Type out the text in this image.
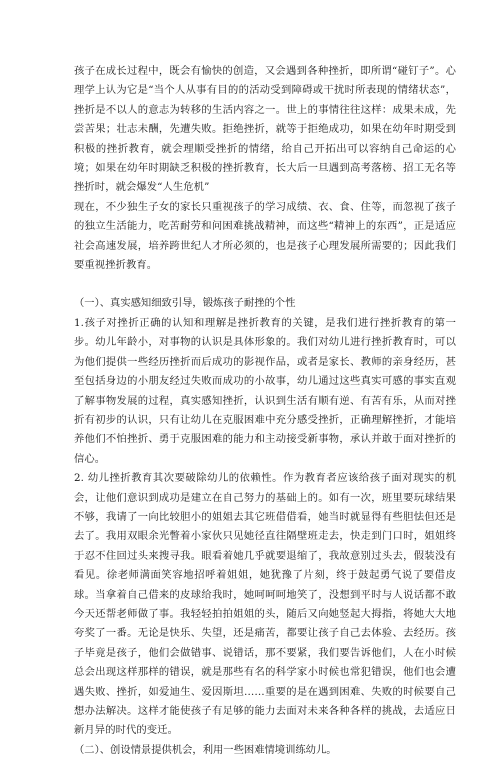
孩子在成长过程中，既会有愉快的创造，又会遇到各种挫折，即所谓“碰钉子”。心理学上认为它是“当个人从事有目的的活动受到障碍或干扰时所表现的情绪状态”，挫折是不以人的意志为转移的生活内容之一。世上的事情往往这样：成果未成，先尝苦果；壮志未酬，先遭失败。拒绝挫折，就等于拒绝成功，如果在幼年时期受到积极的挫折教育，就会理顺受挫折的情绪，给自己开拓出可以容纳自己命运的心境；如果在幼年时期缺乏积极的挫折教育，长大后一旦遇到高考落榜、招工无名等挫折时，就会爆发“人生危机”

现在，不少独生子女的家长只重视孩子的学习成绩、衣、食、住等，而忽视了孩子的独立生活能力，吃苦耐劳和问困难挑战精神，而这些“精神上的东西”，正是适应社会高速发展，培养跨世纪人才所必须的，也是孩子心理发展所需要的；因此我们要重视挫折教育。

（一）、真实感知细致引导，锻炼孩子耐挫的个性

1.孩子对挫折正确的认知和理解是挫折教育的关键，是我们进行挫折教育的第一步。幼儿年龄小，对事物的认识是具体形象的。我们对幼儿进行挫折教育时，可以为他们提供一些经历挫折而后成功的影视作品，或者是家长、教师的亲身经历，甚至包括身边的小朋友经过失败而成功的小故事，幼儿通过这些真实可感的事实直观了解事物发展的过程，真实感知挫折，认识到生活有顺有逆、有苦有乐，从而对挫折有初步的认识，只有让幼儿在克服困难中充分感受挫折，正确理解挫折，才能培养他们不怕挫折、勇于克服困难的能力和主动接受新事物，承认并敢于面对挫折的信心。

2. 幼儿挫折教育其次要破除幼儿的依赖性。作为教育者应该给孩子面对现实的机会，让他们意识到成功是建立在自己努力的基础上的。如有一次，班里要玩球结果不够，我请了一向比较胆小的姐姐去其它班借借看，她当时就显得有些胆怯但还是去了。我用双眼余光瞥着小家伙只见她径直往隔壁班走去，快走到门口时，姐姐终于忍不住回过头来搜寻我。眼看着她几乎就要退缩了，我故意别过头去，假装没有看见。徐老师满面笑容地招呼着姐姐，她犹豫了片刻，终于鼓起勇气说了要借皮球。当拿着自己借来的皮球给我时，她呵呵呵地笑了，没想到平时与人说话都不敢今天还帮老师做了事。我轻轻拍拍姐姐的头，随后又向她竖起大拇指，将她大大地夸奖了一番。无论是快乐、失望，还是痛苦，都要让孩子自己去体验、去经历。孩子毕竟是孩子，他们会做错事、说错话，那不要紧，我们要告诉他们，人在小时候总会出现这样那样的错误，就是那些有名的科学家小时候也常犯错误，他们也会遭遇失败、挫折，如爱迪生、爱因斯坦……重要的是在遇到困难、失败的时候要自己想办法解决。这样才能使孩子有足够的能力去面对未来各种各样的挑战，去适应日新月异的时代的变迁。

（二）、创设情景提供机会，利用一些困难情境训练幼儿。
